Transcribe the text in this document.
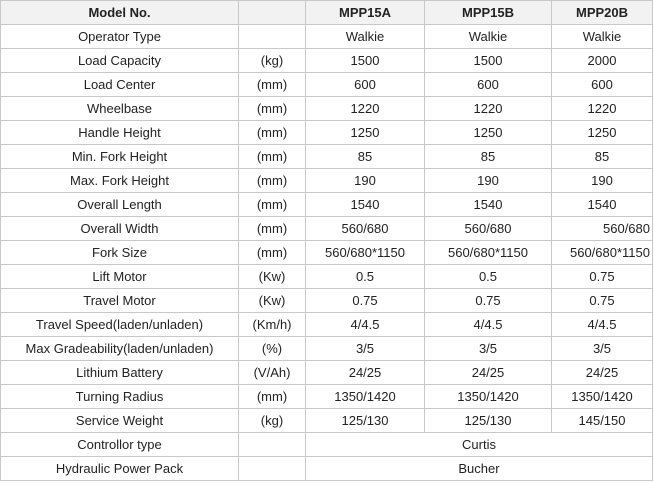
Model No.		MPP15A	MPP15B	MPP20B
Operator Type		Walkie	Walkie	Walkie
Load Capacity	(kg)	1500	1500	2000
Load Center	(mm)	600	600	600
Wheelbase	(mm)	1220	1220	1220
Handle Height	(mm)	1250	1250	1250
Min. Fork Height	(mm)	85	85	85
Max. Fork Height	(mm)	190	190	190
Overall Length	(mm)	1540	1540	1540
Overall Width	(mm)	560/680	560/680	560/680
Fork Size	(mm)	560/680*1150	560/680*1150	560/680*1150
Lift Motor	(Kw)	0.5	0.5	0.75
Travel Motor	(Kw)	0.75	0.75	0.75
Travel Speed(laden/unladen)	(Km/h)	4/4.5	4/4.5	4/4.5
Max Gradeability(laden/unladen)	(%)	3/5	3/5	3/5
Lithium Battery	(V/Ah)	24/25	24/25	24/25
Turning Radius	(mm)	1350/1420	1350/1420	1350/1420
Service Weight	(kg)	125/130	125/130	145/150
Controllor type		Curtis		
Hydraulic Power Pack		Bucher		
